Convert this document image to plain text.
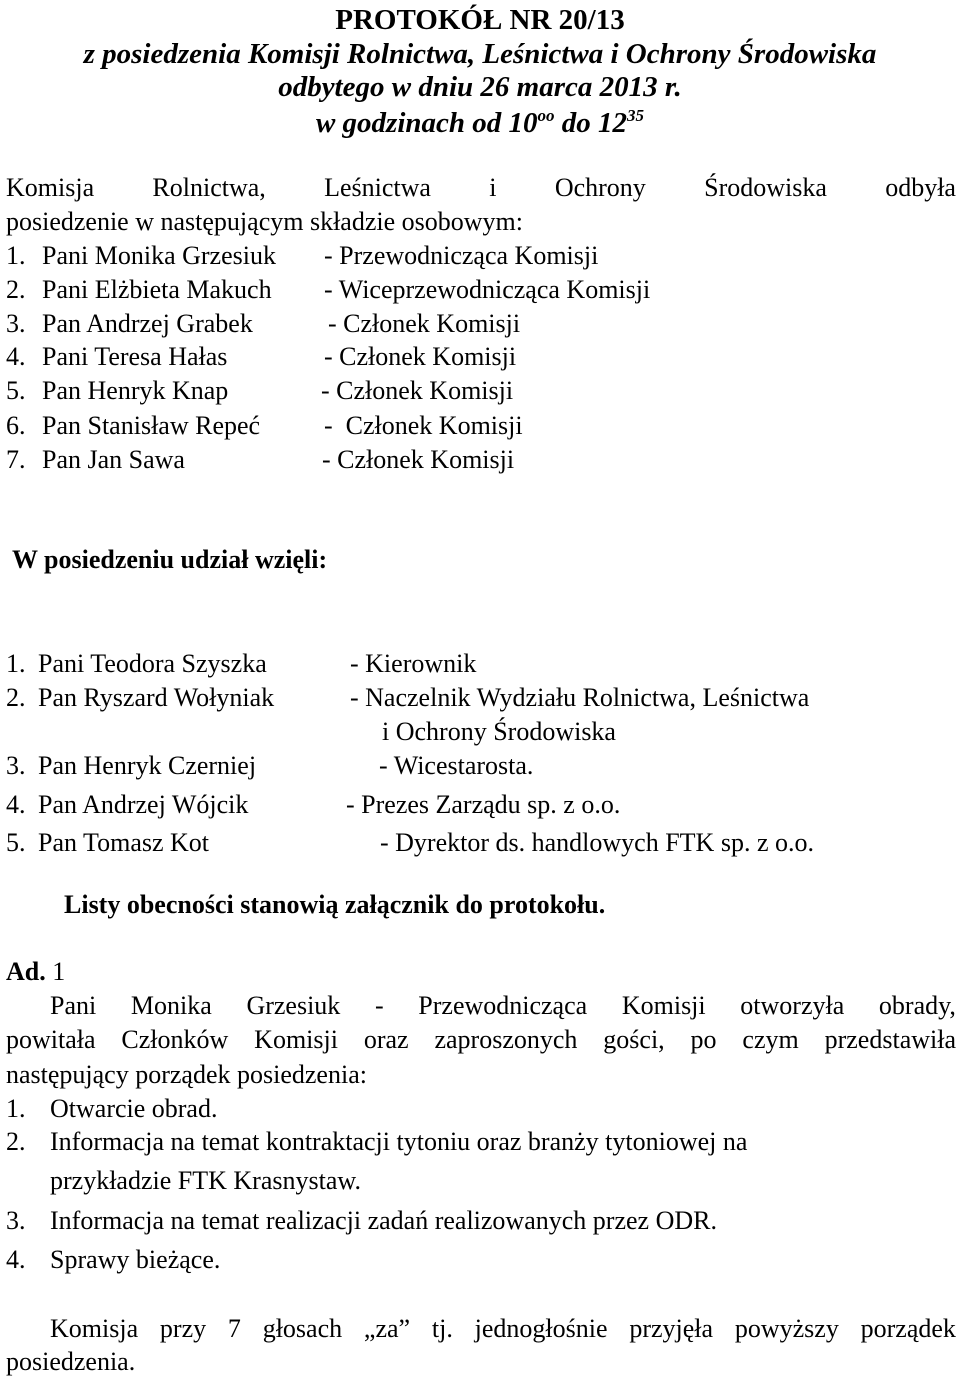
PROTOKÓŁ NR 20/13
z posiedzenia Komisji Rolnictwa, Leśnictwa i Ochrony Środowiska
odbytego w dniu 26 marca 2013 r.
w godzinach od $10^{oo}$ do $12^{35}$
Komisja Rolnictwa, Leśnictwa i Ochrony Środowiska odbyła
posiedzenie w następującym składzie osobowym:
1. Pani Monika Grzesiuk - Przewodnicząca Komisji
2. Pani Elżbieta Makuch - Wiceprzewodnicząca Komisji
3. Pan Andrzej Grabek	- Członek Komisji
4. Pani Teresa Hałas	- Członek Komisji
5. Pan Henryk Knap	- Członek Komisji
6. Pan Stanisław Repeć -  Członek Komisji
7. Pan Jan Sawa	- Członek Komisji
W posiedzeniu udział wzięli:
1. Pani Teodora Szyszka	- Kierownik
2. Pan Ryszard Wołyniak	- Naczelnik Wydziału Rolnictwa, Leśnictwa
i Ochrony Środowiska
3. Pan Henryk Czerniej	- Wicestarosta.
4. Pan Andrzej Wójcik	- Prezes Zarządu sp. z o.o.
5. Pan Tomasz Kot	- Dyrektor ds. handlowych FTK sp. z o.o.
Listy obecności stanowią załącznik do protokołu.
Ad. 1
Pani Monika Grzesiuk - Przewodnicząca Komisji otworzyła obrady,
powitała Członków Komisji oraz zaproszonych gości, po czym przedstawiła
następujący porządek posiedzenia:
1. Otwarcie obrad.
2. Informacja na temat kontraktacji tytoniu oraz branży tytoniowej na
przykładzie FTK Krasnystaw.
3. Informacja na temat realizacji zadań realizowanych przez ODR.
4. Sprawy bieżące.
Komisja przy 7 głosach „za” tj. jednogłośnie przyjęła powyższy porządek
posiedzenia.
